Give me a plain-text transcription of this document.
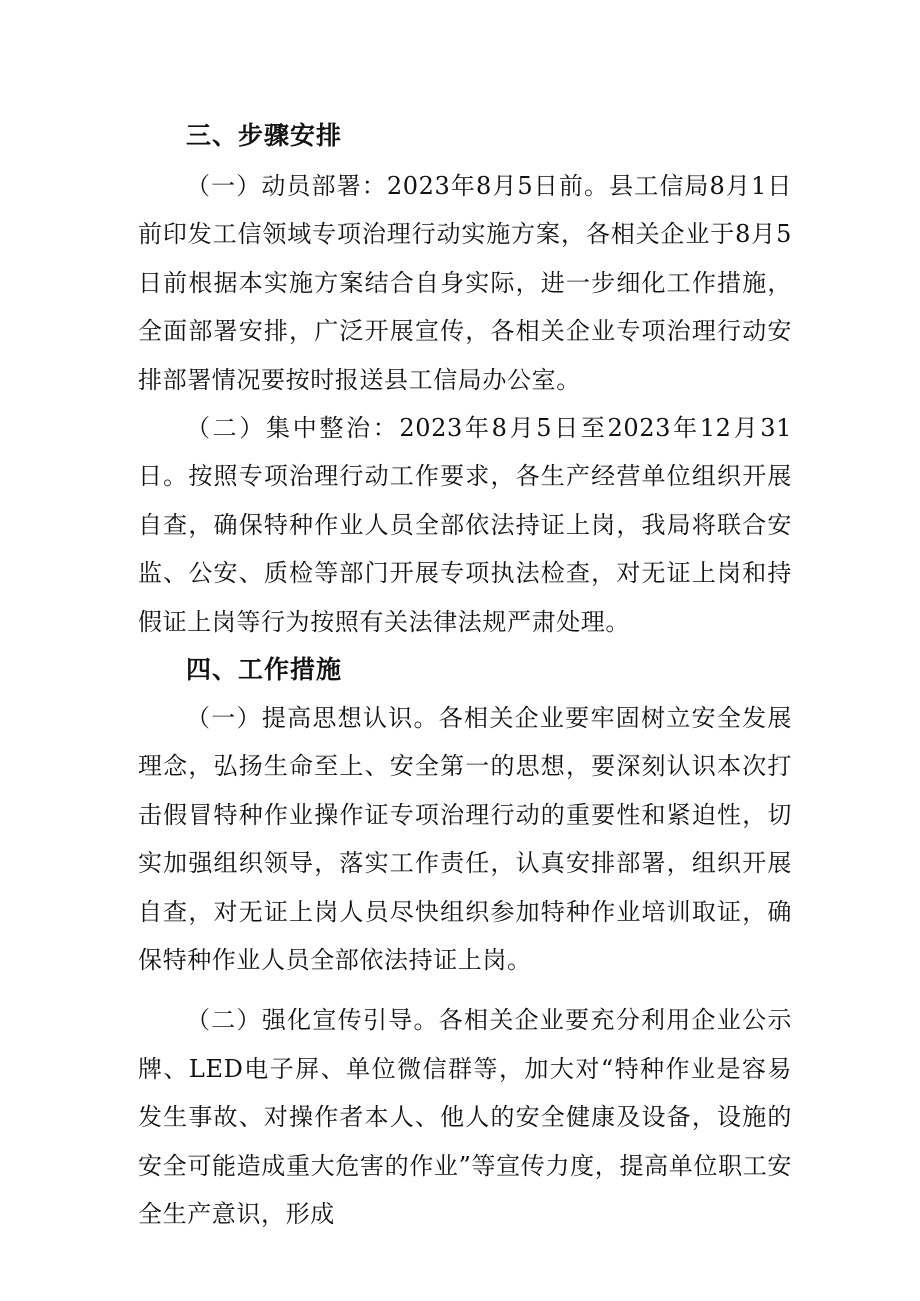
三、步骤安排

（一）动员部署：2023年8月5日前。县工信局8月1日前印发工信领域专项治理行动实施方案，各相关企业于8月5日前根据本实施方案结合自身实际，进一步细化工作措施，全面部署安排，广泛开展宣传，各相关企业专项治理行动安排部署情况要按时报送县工信局办公室。

（二）集中整治：2023年8月5日至2023年12月31日。按照专项治理行动工作要求，各生产经营单位组织开展自查，确保特种作业人员全部依法持证上岗，我局将联合安监、公安、质检等部门开展专项执法检查，对无证上岗和持假证上岗等行为按照有关法律法规严肃处理。

四、工作措施

（一）提高思想认识。各相关企业要牢固树立安全发展理念，弘扬生命至上、安全第一的思想，要深刻认识本次打击假冒特种作业操作证专项治理行动的重要性和紧迫性，切实加强组织领导，落实工作责任，认真安排部署，组织开展自查，对无证上岗人员尽快组织参加特种作业培训取证，确保特种作业人员全部依法持证上岗。

（二）强化宣传引导。各相关企业要充分利用企业公示牌、LED电子屏、单位微信群等，加大对“特种作业是容易发生事故、对操作者本人、他人的安全健康及设备，设施的安全可能造成重大危害的作业”等宣传力度，提高单位职工安全生产意识，形成
